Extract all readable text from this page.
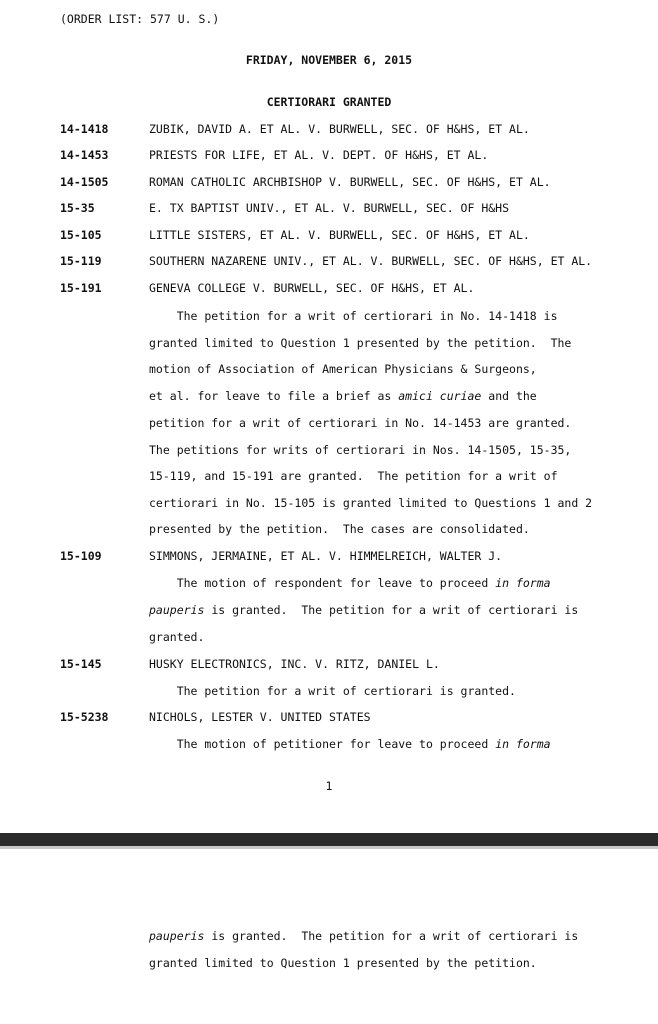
(ORDER LIST: 577 U. S.)
FRIDAY, NOVEMBER 6, 2015
CERTIORARI GRANTED
14-1418	ZUBIK, DAVID A. ET AL. V. BURWELL, SEC. OF H&HS, ET AL.
14-1453	PRIESTS FOR LIFE, ET AL. V. DEPT. OF H&HS, ET AL.
14-1505	ROMAN CATHOLIC ARCHBISHOP V. BURWELL, SEC. OF H&HS, ET AL.
15-35	E. TX BAPTIST UNIV., ET AL. V. BURWELL, SEC. OF H&HS
15-105	LITTLE SISTERS, ET AL. V. BURWELL, SEC. OF H&HS, ET AL.
15-119	SOUTHERN NAZARENE UNIV., ET AL. V. BURWELL, SEC. OF H&HS, ET AL.
15-191	GENEVA COLLEGE V. BURWELL, SEC. OF H&HS, ET AL.
The petition for a writ of certiorari in No. 14-1418 is
granted limited to Question 1 presented by the petition.  The
motion of Association of American Physicians & Surgeons,
et al. for leave to file a brief as amici curiae and the
petition for a writ of certiorari in No. 14-1453 are granted.
The petitions for writs of certiorari in Nos. 14-1505, 15-35,
15-119, and 15-191 are granted.  The petition for a writ of
certiorari in No. 15-105 is granted limited to Questions 1 and 2
presented by the petition.  The cases are consolidated.
15-109	SIMMONS, JERMAINE, ET AL. V. HIMMELREICH, WALTER J.
The motion of respondent for leave to proceed in forma
pauperis is granted.  The petition for a writ of certiorari is
granted.
15-145	HUSKY ELECTRONICS, INC. V. RITZ, DANIEL L.
The petition for a writ of certiorari is granted.
15-5238	NICHOLS, LESTER V. UNITED STATES
The motion of petitioner for leave to proceed in forma
1
pauperis is granted.  The petition for a writ of certiorari is
granted limited to Question 1 presented by the petition.
